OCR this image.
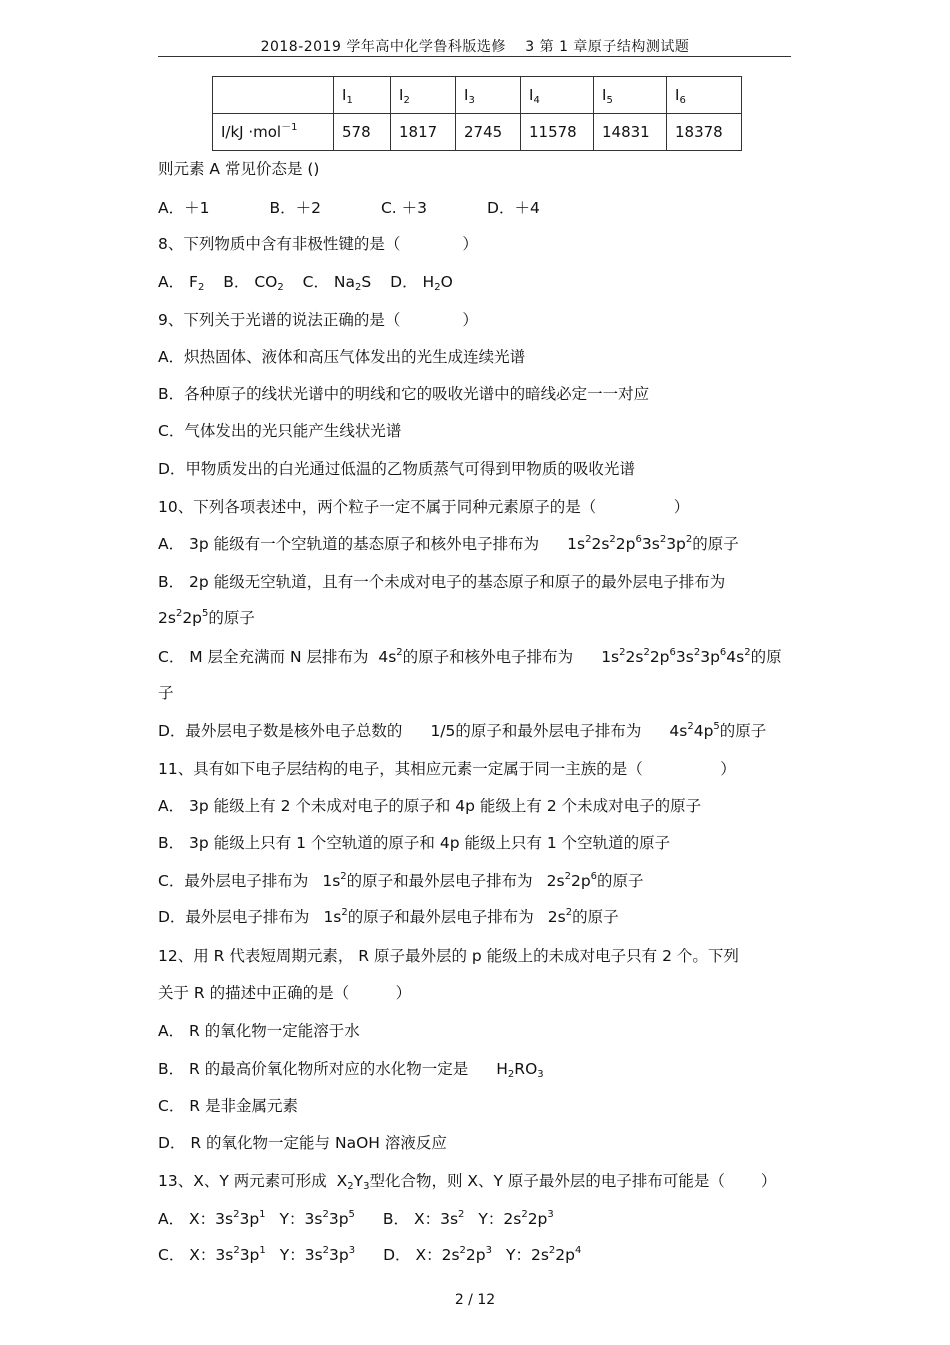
2018-2019 学年高中化学鲁科版选修　 3 第 1 章原子结构测试题
	$I_1$	$I_2$	$I_3$	$I_4$	$I_5$	$I_6$
I/kJ ·mol$^{-1}$	578	1817	2745	11578	14831	18378
则元素 A 常见价态是 ()
A．＋1	B．＋2	C. ＋3	D．＋4
8、下列物质中含有非极性键的是（　　　　）
A． $F_2$ B． $CO_2$ C． $Na_2S$ D． $H_2O$
9、下列关于光谱的说法正确的是（　　　　）
A．炽热固体、液体和高压气体发出的光生成连续光谱
B．各种原子的线状光谱中的明线和它的吸收光谱中的暗线必定一一对应
C．气体发出的光只能产生线状光谱
D．甲物质发出的白光通过低温的乙物质蒸气可得到甲物质的吸收光谱
10、下列各项表述中，两个粒子一定不属于同种元素原子的是（　　　　　）
A． 3p 能级有一个空轨道的基态原子和核外电子排布为 $1s^22s^22p^63s^23p^2$的原子
B． 2p 能级无空轨道，且有一个未成对电子的基态原子和原子的最外层电子排布为
$2s^22p^5$的原子
C． M 层全充满而 N 层排布为 $4s^2$的原子和核外电子排布为 $1s^22s^22p^63s^23p^64s^2$的原
子
D．最外层电子数是核外电子总数的 1/5的原子和最外层电子排布为 $4s^24p^5$的原子
11、具有如下电子层结构的电子，其相应元素一定属于同一主族的是（　　　　　）
A． 3p 能级上有 2 个未成对电子的原子和 4p 能级上有 2 个未成对电子的原子
B． 3p 能级上只有 1 个空轨道的原子和 4p 能级上只有 1 个空轨道的原子
C．最外层电子排布为 $1s^2$的原子和最外层电子排布为 $2s^22p^6$的原子
D．最外层电子排布为 $1s^2$的原子和最外层电子排布为 $2s^2$的原子
12、用 R 代表短周期元素， R 原子最外层的 p 能级上的未成对电子只有 2 个。下列
关于 R 的描述中正确的是（　　　）
A． R 的氧化物一定能溶于水
B． R 的最高价氧化物所对应的水化物一定是 $H_2RO_3$
C． R 是非金属元素
D． R 的氧化物一定能与 NaOH 溶液反应
13、X、Y 两元素可形成 $X_2Y_3$型化合物，则 X、Y 原子最外层的电子排布可能是（　　 ）
A． X：$3s^23p^1$ Y：$3s^23p^5$ B． X：$3s^2$ Y：$2s^22p^3$
C． X：$3s^23p^1$ Y：$3s^23p^3$ D． X：$2s^22p^3$ Y：$2s^22p^4$
2 / 12
